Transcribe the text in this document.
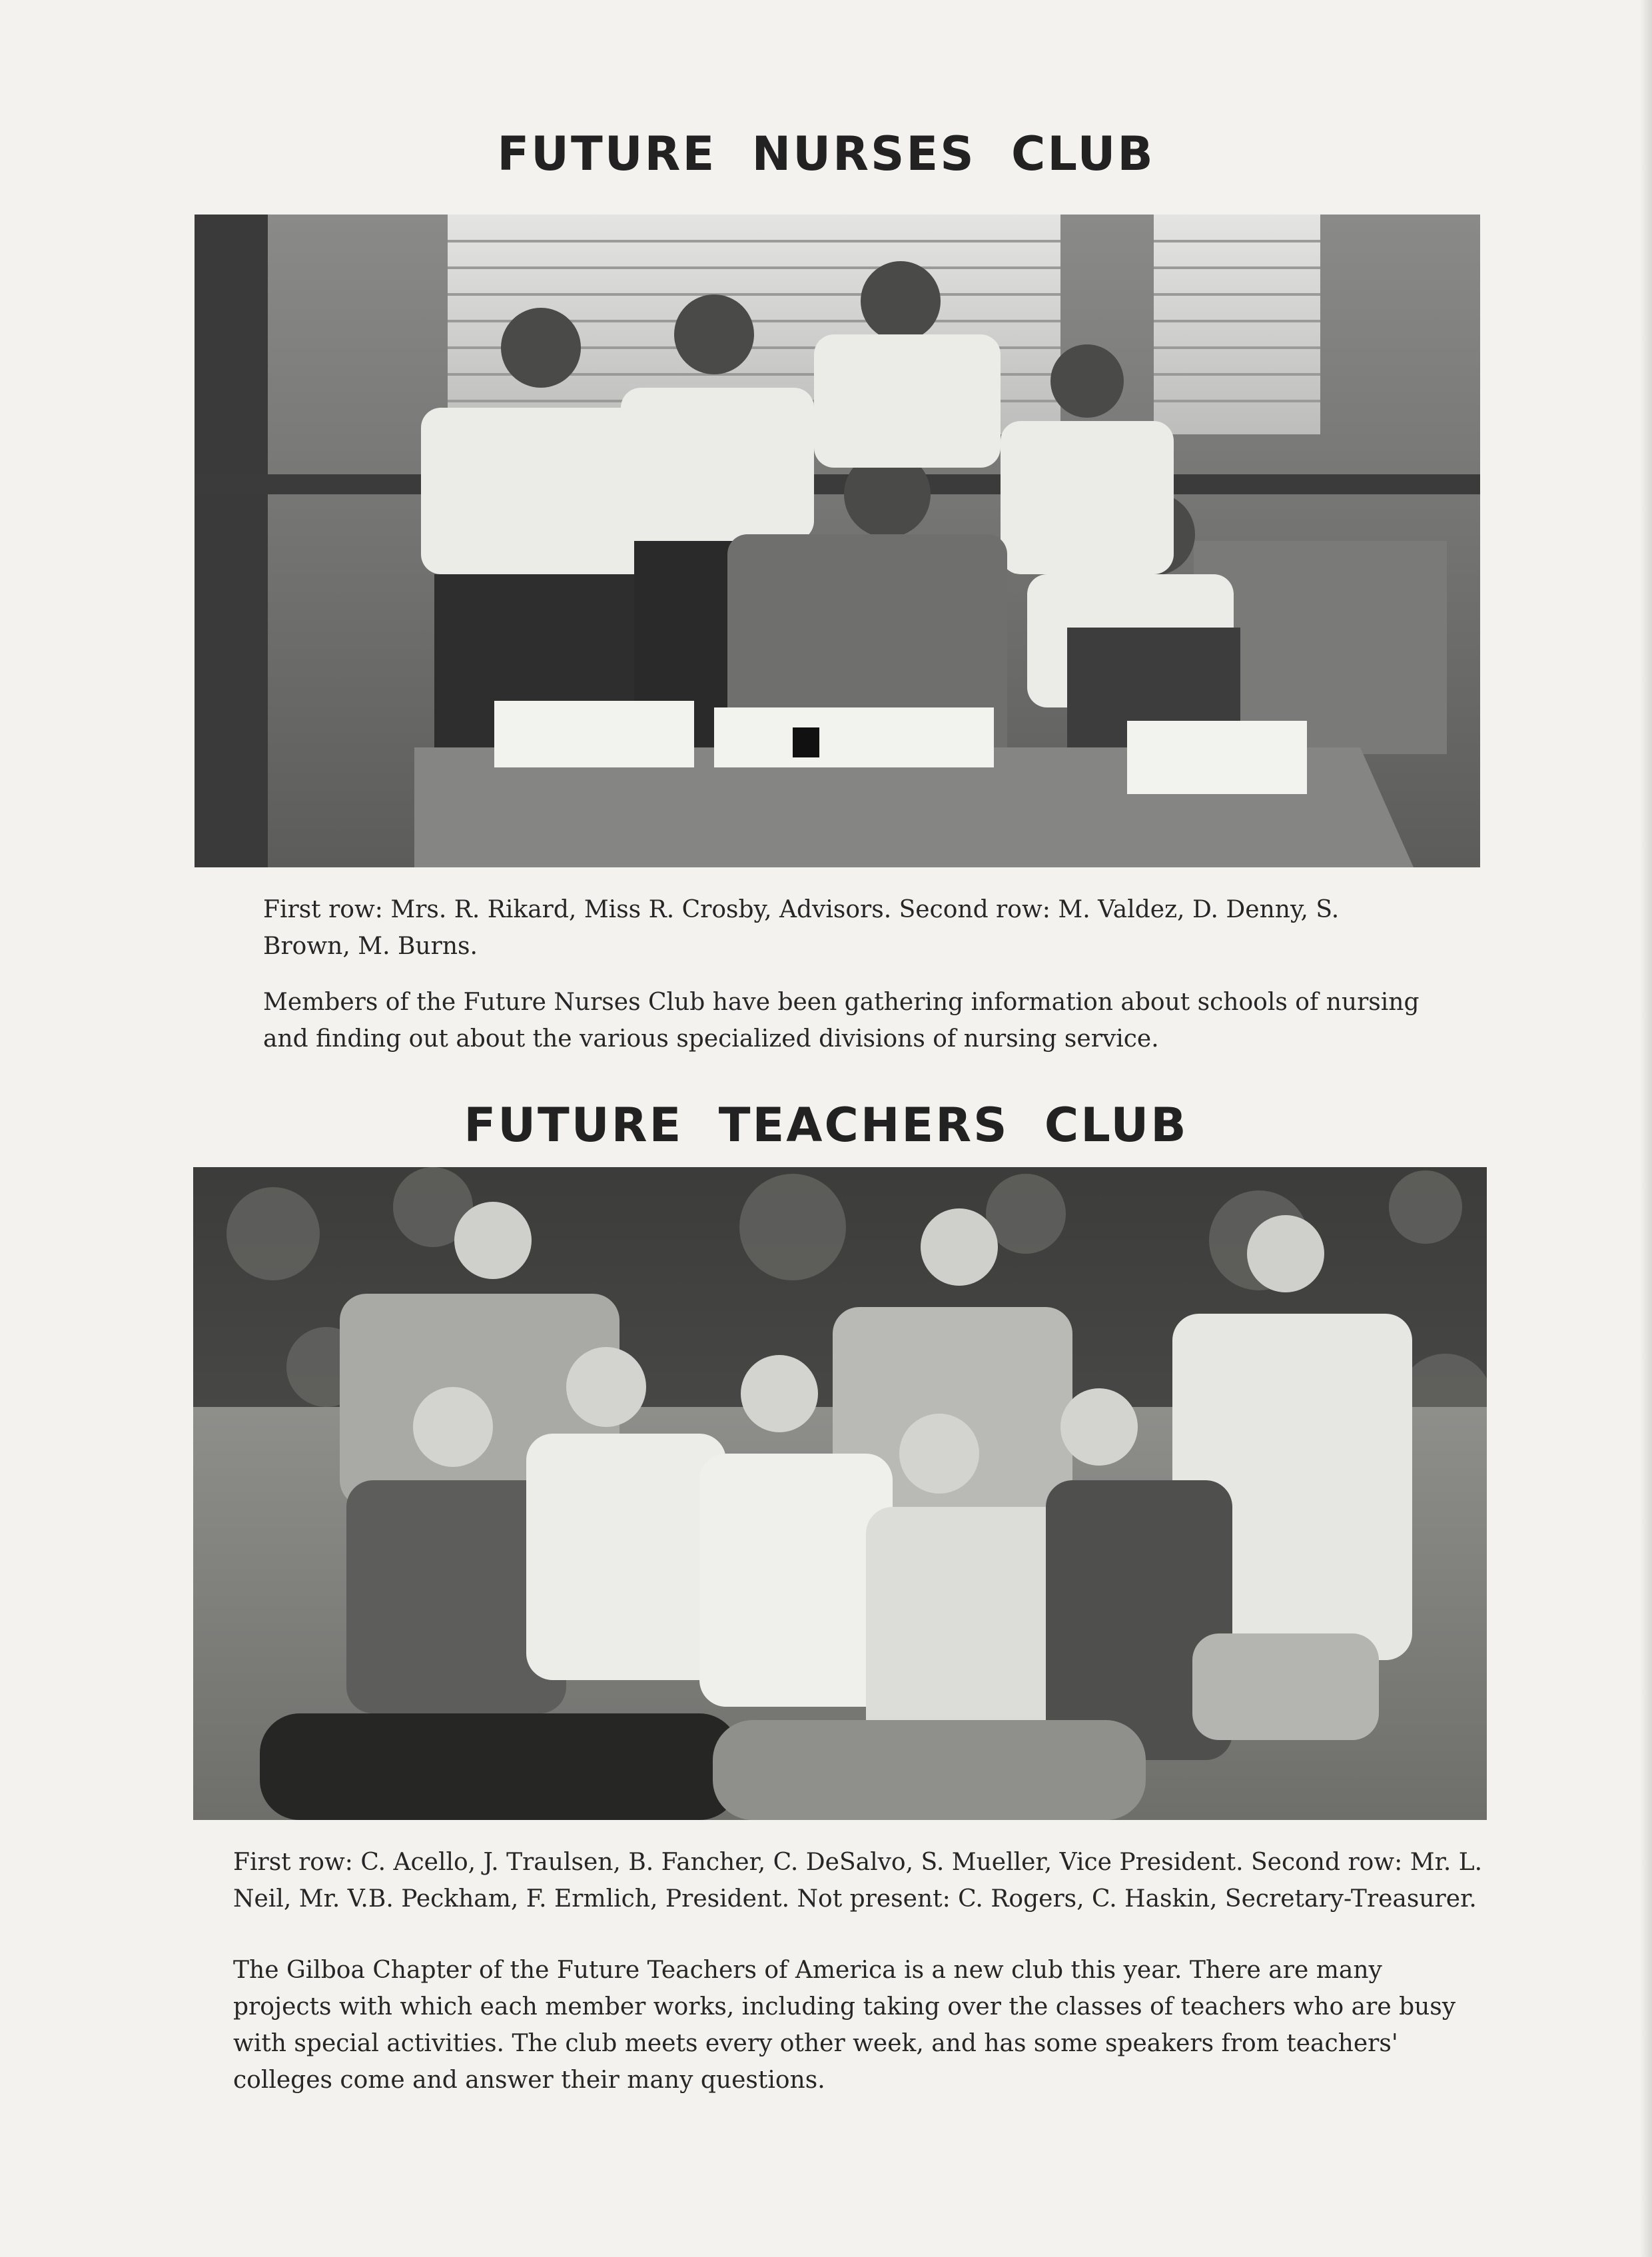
FUTURE NURSES CLUB

First row: Mrs. R. Rikard, Miss R. Crosby, Advisors. Second row: M. Valdez, D. Denny, S. Brown, M. Burns.

Members of the Future Nurses Club have been gathering information about schools of nursing and finding out about the various specialized divisions of nursing service.

FUTURE TEACHERS CLUB

First row: C. Acello, J. Traulsen, B. Fancher, C. DeSalvo, S. Mueller, Vice President. Second row: Mr. L. Neil, Mr. V.B. Peckham, F. Ermlich, President. Not present: C. Rogers, C. Haskin, Secretary-Treasurer.

The Gilboa Chapter of the Future Teachers of America is a new club this year. There are many projects with which each member works, including taking over the classes of teachers who are busy with special activities. The club meets every other week, and has some speakers from teachers' colleges come and answer their many questions.
